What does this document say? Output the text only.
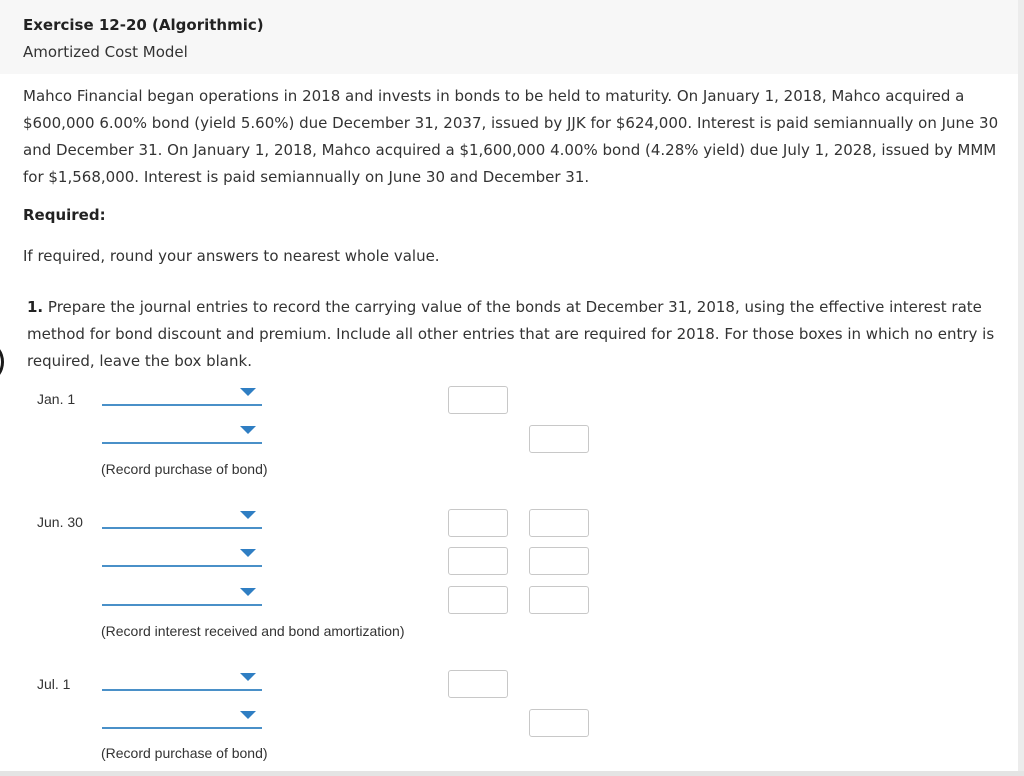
Exercise 12-20 (Algorithmic)
Amortized Cost Model
Mahco Financial began operations in 2018 and invests in bonds to be held to maturity. On January 1, 2018, Mahco acquired a $600,000 6.00% bond (yield 5.60%) due December 31, 2037, issued by JJK for $624,000. Interest is paid semiannually on June 30 and December 31. On January 1, 2018, Mahco acquired a $1,600,000 4.00% bond (4.28% yield) due July 1, 2028, issued by MMM for $1,568,000. Interest is paid semiannually on June 30 and December 31.
Required:
If required, round your answers to nearest whole value.
1. Prepare the journal entries to record the carrying value of the bonds at December 31, 2018, using the effective interest rate method for bond discount and premium. Include all other entries that are required for 2018. For those boxes in which no entry is required, leave the box blank.
Jan. 1
(Record purchase of bond)
Jun. 30
(Record interest received and bond amortization)
Jul. 1
(Record purchase of bond)
